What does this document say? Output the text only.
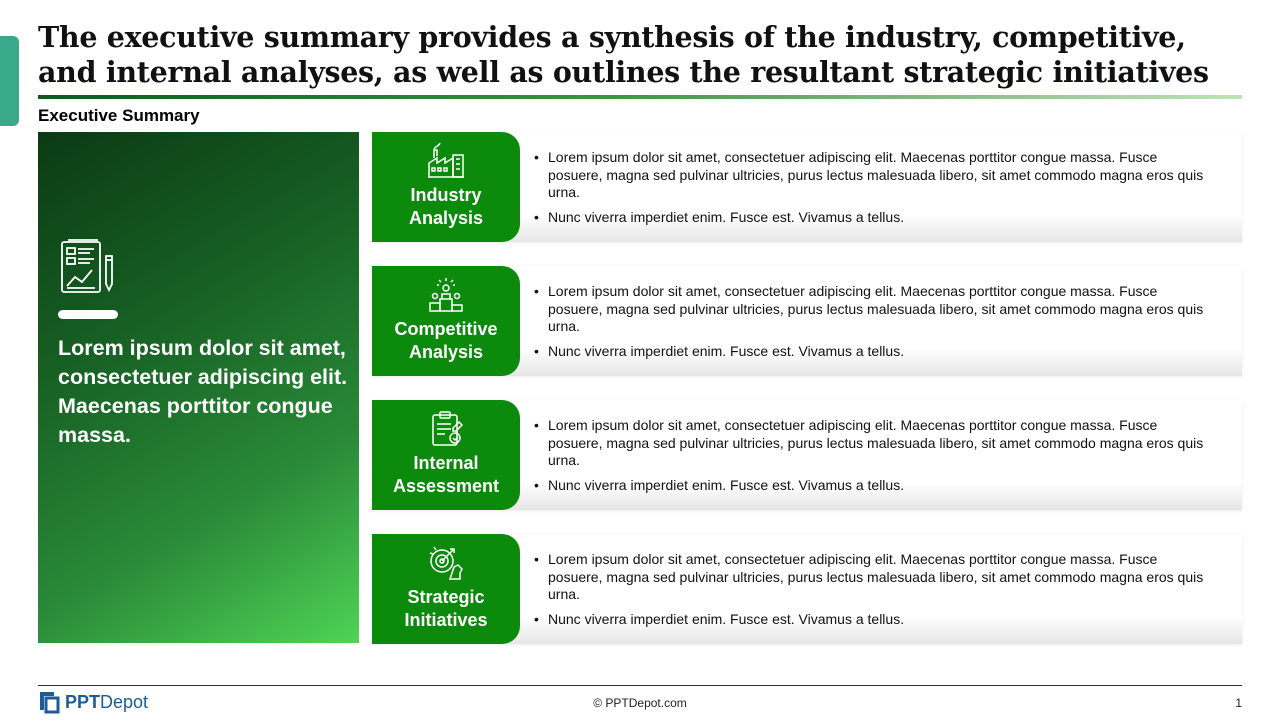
The executive summary provides a synthesis of the industry, competitive, and internal analyses, as well as outlines the resultant strategic initiatives
Executive Summary
Lorem ipsum dolor sit amet, consectetuer adipiscing elit. Maecenas porttitor congue massa.
Industry
Analysis
• Lorem ipsum dolor sit amet, consectetuer adipiscing elit. Maecenas porttitor congue massa. Fusce posuere, magna sed pulvinar ultricies, purus lectus malesuada libero, sit amet commodo magna eros quis urna.
• Nunc viverra imperdiet enim. Fusce est. Vivamus a tellus.
Competitive
Analysis
• Lorem ipsum dolor sit amet, consectetuer adipiscing elit. Maecenas porttitor congue massa. Fusce posuere, magna sed pulvinar ultricies, purus lectus malesuada libero, sit amet commodo magna eros quis urna.
• Nunc viverra imperdiet enim. Fusce est. Vivamus a tellus.
Internal
Assessment
• Lorem ipsum dolor sit amet, consectetuer adipiscing elit. Maecenas porttitor congue massa. Fusce posuere, magna sed pulvinar ultricies, purus lectus malesuada libero, sit amet commodo magna eros quis urna.
• Nunc viverra imperdiet enim. Fusce est. Vivamus a tellus.
Strategic
Initiatives
• Lorem ipsum dolor sit amet, consectetuer adipiscing elit. Maecenas porttitor congue massa. Fusce posuere, magna sed pulvinar ultricies, purus lectus malesuada libero, sit amet commodo magna eros quis urna.
• Nunc viverra imperdiet enim. Fusce est. Vivamus a tellus.
PPTDepot	© PPTDepot.com	1
